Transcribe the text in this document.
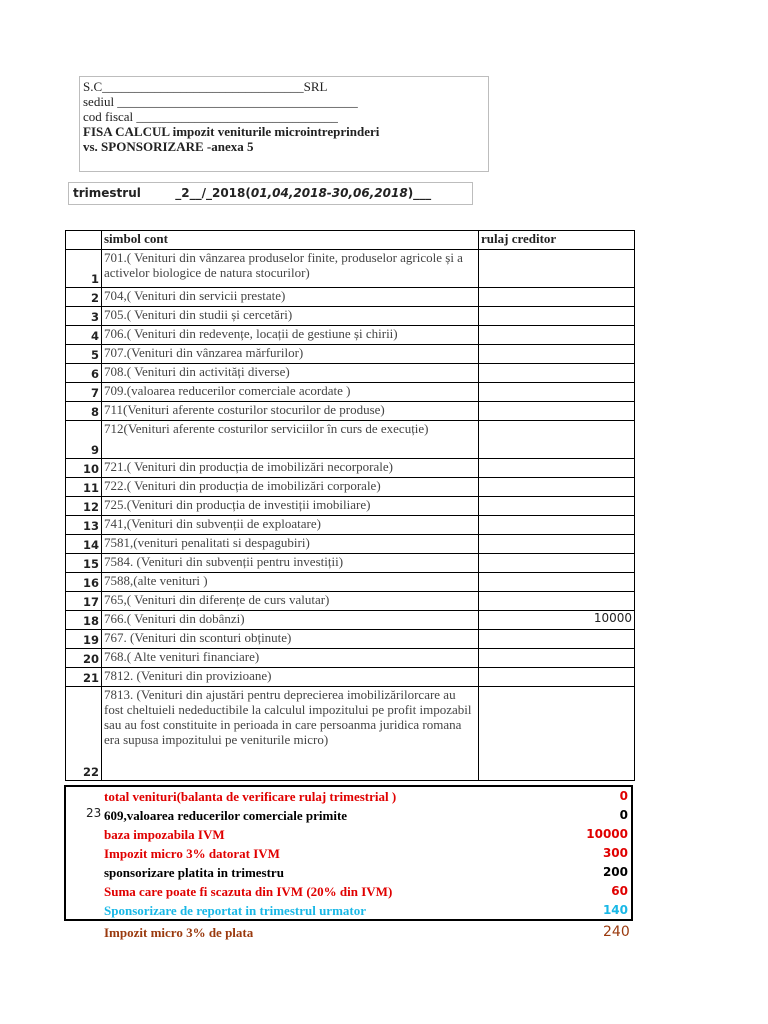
S.C_______________________________SRL
sediul _____________________________________
cod fiscal _______________________________
FISA CALCUL impozit veniturile microintreprinderi
vs. SPONSORIZARE -anexa 5
trimestrul	_2__/_2018(01,04,2018-30,06,2018)___
	simbol cont	rulaj creditor
1	701.( Venituri din vânzarea produselor finite, produselor agricole și a activelor biologice de natura stocurilor)	
2	704,( Venituri din servicii prestate)	
3	705.( Venituri din studii și cercetări)	
4	706.( Venituri din redevențe, locații de gestiune și chirii)	
5	707.(Venituri din vânzarea mărfurilor)	
6	708.( Venituri din activități diverse)	
7	709.(valoarea reducerilor comerciale acordate )	
8	711(Venituri aferente costurilor stocurilor de produse)	
9	712(Venituri aferente costurilor serviciilor în curs de execuție)	
10	721.( Venituri din producția de imobilizări necorporale)	
11	722.( Venituri din producția de imobilizări corporale)	
12	725.(Venituri din producția de investiții imobiliare)	
13	741,(Venituri din subvenții de exploatare)	
14	7581,(venituri penalitati si despagubiri)	
15	7584. (Venituri din subvenții pentru investiții)	
16	7588,(alte venituri )	
17	765,( Venituri din diferențe de curs valutar)	
18	766.( Venituri din dobânzi)	10000
19	767. (Venituri din sconturi obținute)	
20	768.( Alte venituri financiare)	
21	7812. (Venituri din provizioane)	
22	7813. (Venituri din ajustări pentru deprecierea imobilizărilorcare au fost cheltuieli nedeductibile la calculul impozitului pe profit impozabil sau au fost constituite in perioada in care persoanma juridica romana era supusa impozitului pe veniturile micro)	
23
total venituri(balanta de verificare rulaj trimestrial )	0
609,valoarea reducerilor comerciale primite	0
baza impozabila IVM	10000
Impozit micro 3% datorat IVM	300
sponsorizare platita in trimestru	200
Suma care poate fi scazuta din IVM (20% din IVM)	60
Sponsorizare de reportat in trimestrul urmator	140
Impozit micro 3% de plata	240
